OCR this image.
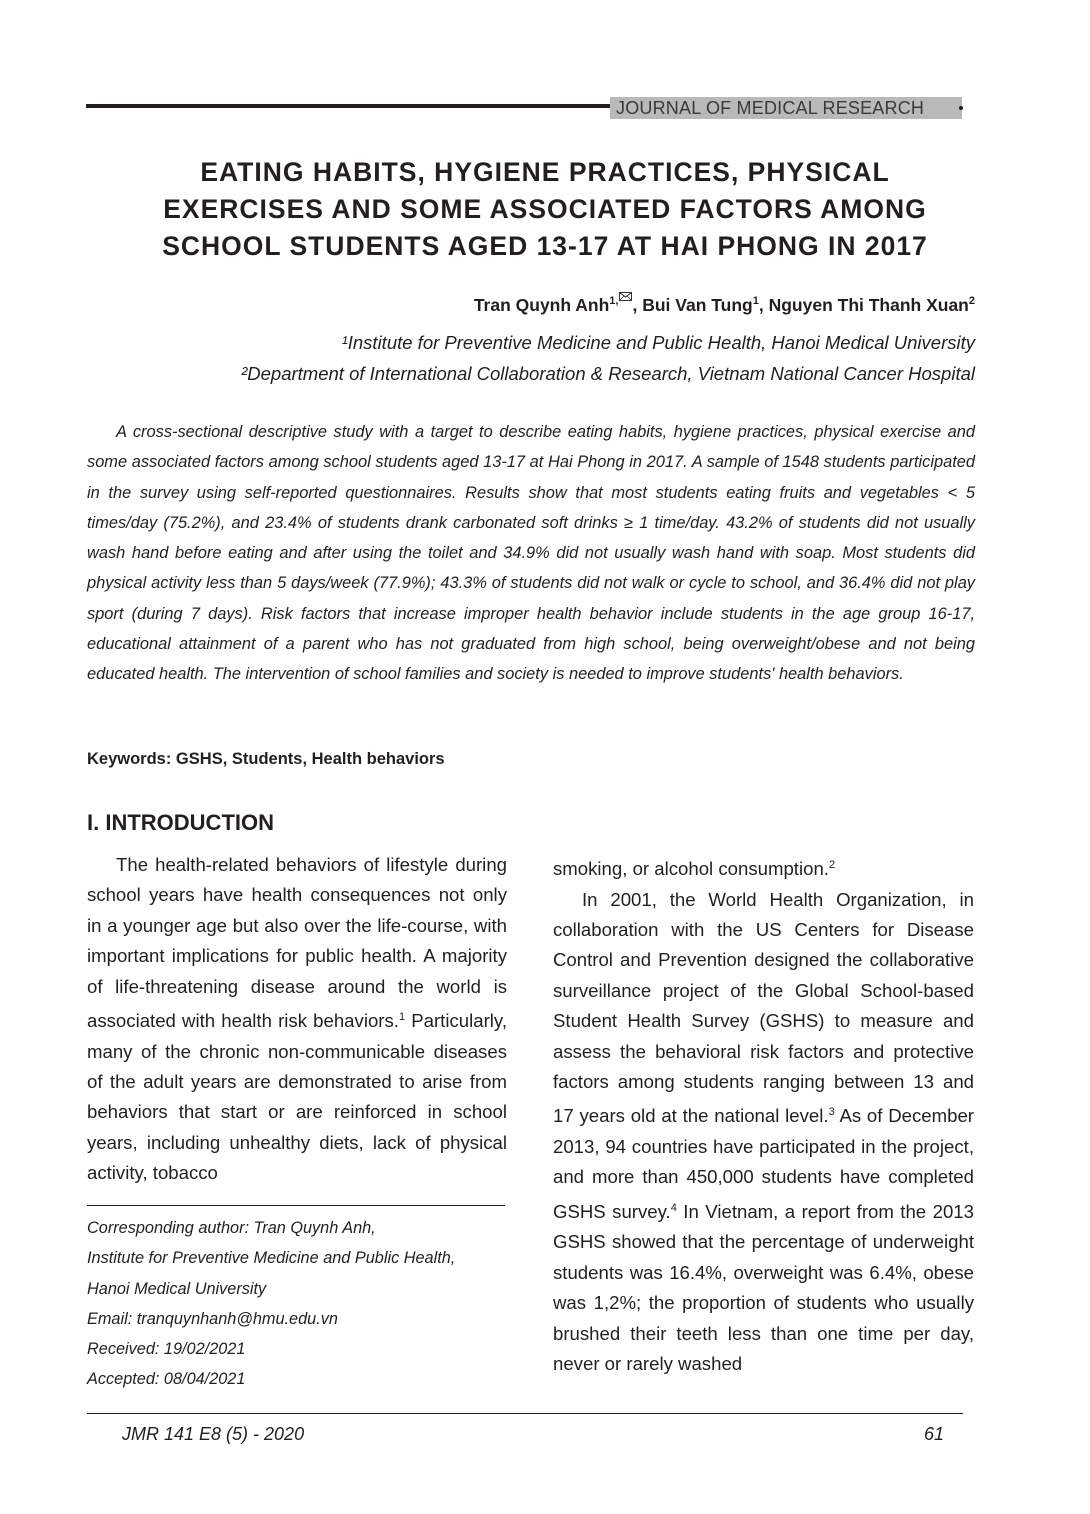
JOURNAL OF MEDICAL RESEARCH
EATING HABITS, HYGIENE PRACTICES, PHYSICAL
EXERCISES AND SOME ASSOCIATED FACTORS AMONG
SCHOOL STUDENTS AGED 13-17 AT HAI PHONG IN 2017
Tran Quynh Anh$^{1,}$ , Bui Van Tung$^1$, Nguyen Thi Thanh Xuan$^2$
¹Institute for Preventive Medicine and Public Health, Hanoi Medical University
²Department of International Collaboration & Research, Vietnam National Cancer Hospital
A cross-sectional descriptive study with a target to describe eating habits, hygiene practices, physical exercise and some associated factors among school students aged 13-17 at Hai Phong in 2017. A sample of 1548 students participated in the survey using self-reported questionnaires. Results show that most students eating fruits and vegetables < 5 times/day (75.2%), and 23.4% of students drank carbonated soft drinks ≥ 1 time/day. 43.2% of students did not usually wash hand before eating and after using the toilet and 34.9% did not usually wash hand with soap. Most students did physical activity less than 5 days/week (77.9%); 43.3% of students did not walk or cycle to school, and 36.4% did not play sport (during 7 days). Risk factors that increase improper health behavior include students in the age group 16-17, educational attainment of a parent who has not graduated from high school, being overweight/obese and not being educated health. The intervention of school families and society is needed to improve students' health behaviors.
Keywords: GSHS, Students, Health behaviors
I. INTRODUCTION
The health-related behaviors of lifestyle during school years have health consequences not only in a younger age but also over the life-course, with important implications for public health. A majority of life-threatening disease around the world is associated with health risk behaviors.$^1$ Particularly, many of the chronic non-communicable diseases of the adult years are demonstrated to arise from behaviors that start or are reinforced in school years, including unhealthy diets, lack of physical activity, tobacco

smoking, or alcohol consumption.$^2$

In 2001, the World Health Organization, in collaboration with the US Centers for Disease Control and Prevention designed the collaborative surveillance project of the Global School-based Student Health Survey (GSHS) to measure and assess the behavioral risk factors and protective factors among students ranging between 13 and 17 years old at the national level.$^3$ As of December 2013, 94 countries have participated in the project, and more than 450,000 students have completed GSHS survey.$^4$ In Vietnam, a report from the 2013 GSHS showed that the percentage of underweight students was 16.4%, overweight was 6.4%, obese was 1,2%; the proportion of students who usually brushed their teeth less than one time per day, never or rarely washed

Corresponding author: Tran Quynh Anh,
Institute for Preventive Medicine and Public Health,
Hanoi Medical University
Email: tranquynhanh@hmu.edu.vn
Received: 19/02/2021
Accepted: 08/04/2021
JMR 141 E8 (5) - 2020	61
